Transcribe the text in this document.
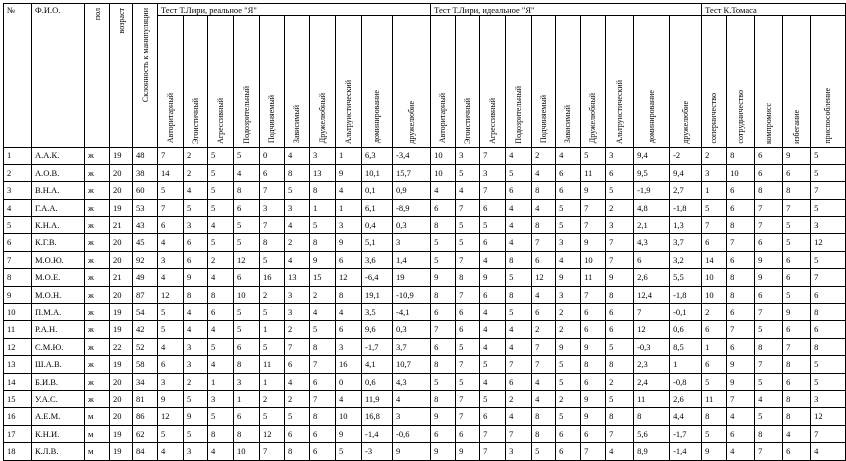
№	Ф.И.О.	пол	возраст	Склонность к манипуляции	Тест Т.Лири, реальное "Я"										Тест Т.Лири, идеальное "Я"										Тест К.Томаса				

					Авторитарный	Эгоистичный	Агрессивный	Подозрительный	Подчиняемый	Зависимый	Дружелюбный	Альтруистический	доминирование	дружелюбие	Авторитарный	Эгоистичный	Агрессивный	Подозрительный	Подчиняемый	Зависимый	Дружелюбный	Альтруистический	доминирование	дружелюбие	соперничество	сотрудничество	компромисс	избегание	приспособление

1	А.А.К.	ж	19	48	7	2	5	5	0	4	3	1	6,3	-3,4	10	3	7	4	2	4	5	3	9,4	-2	2	8	6	9	5
2	А.О.В.	ж	20	38	14	2	5	4	6	8	13	9	10,1	15,7	10	5	3	5	4	6	11	6	9,5	9,4	3	10	6	6	5
3	В.Н.А.	ж	20	60	5	4	5	8	7	5	8	4	0,1	0,9	4	4	7	6	8	6	9	5	-1,9	2,7	1	6	8	8	7
4	Г.А.А.	ж	19	53	7	5	5	6	3	3	1	1	6,1	-8,9	6	7	6	4	4	5	7	2	4,8	-1,8	5	6	7	7	5
5	К.Н.А.	ж	21	43	6	3	4	5	7	4	5	3	0,4	0,3	8	5	5	4	8	5	7	3	2,1	1,3	7	8	7	5	3
6	К.Г.В.	ж	20	45	4	6	5	5	8	2	8	9	5,1	3	5	5	6	4	7	3	9	7	4,3	3,7	6	7	6	5	12
7	М.О.Ю.	ж	20	92	3	6	2	12	5	4	9	6	3,6	1,4	5	7	4	8	6	4	10	7	6	3,2	14	6	9	6	5
8	М.О.Е.	ж	21	49	4	9	4	6	16	13	15	12	-6,4	19	9	8	9	5	12	9	11	9	2,6	5,5	10	8	9	6	7
9	М.О.Н.	ж	20	87	12	8	8	10	2	3	2	8	19,1	-10,9	8	7	6	8	4	3	7	8	12,4	-1,8	10	8	6	5	6
10	П.М.А.	ж	19	54	5	4	6	5	5	3	4	4	3,5	-4,1	6	6	4	5	6	2	6	6	7	-0,1	2	6	7	9	8
11	Р.А.Н.	ж	19	42	5	4	4	5	1	2	5	6	9,6	0,3	7	6	4	4	2	2	6	6	12	0,6	6	7	5	6	6
12	С.М.Ю.	ж	22	52	4	3	5	6	5	7	8	3	-1,7	3,7	6	5	4	4	7	9	9	5	-0,3	8,5	1	6	8	7	8
13	Ш.А.В.	ж	19	58	6	3	4	8	11	6	7	16	4,1	10,7	8	7	5	7	7	5	8	8	2,3	1	6	9	7	8	5
14	Б.И.В.	ж	20	34	3	2	1	3	1	4	6	0	0,6	4,3	5	5	4	6	4	5	6	2	2,4	-0,8	5	9	5	6	5
15	У.А.С.	ж	20	81	9	5	3	1	2	2	7	4	11,9	4	8	7	5	2	4	2	9	5	11	2,6	11	7	4	8	3
16	А.Е.М.	м	20	86	12	9	5	6	5	5	8	10	16,8	3	9	7	6	4	8	5	9	8	8	4,4	8	4	5	8	12
17	К.Н.И.	м	19	62	5	5	8	8	12	6	6	9	-1,4	-0,6	6	6	7	7	8	6	6	7	5,6	-1,7	5	6	8	4	7
18	К.Л.В.	м	19	84	4	3	4	10	7	8	6	5	-3	9	9	9	7	3	5	6	7	4	8,9	-1,4	9	4	7	6	4
